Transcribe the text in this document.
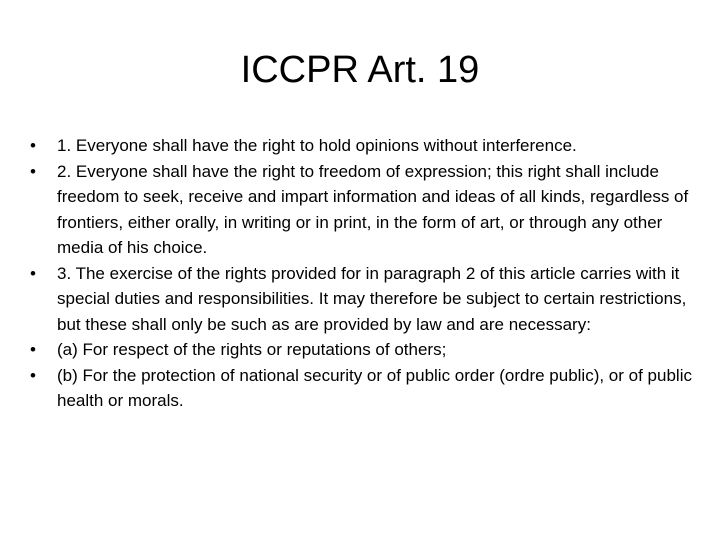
ICCPR Art. 19
•	1. Everyone shall have the right to hold opinions without interference.
•	2. Everyone shall have the right to freedom of expression; this right shall include freedom to seek, receive and impart information and ideas of all kinds, regardless of frontiers, either orally, in writing or in print, in the form of art, or through any other media of his choice.
•	3. The exercise of the rights provided for in paragraph 2 of this article carries with it special duties and responsibilities. It may therefore be subject to certain restrictions, but these shall only be such as are provided by law and are necessary:
•	(a) For respect of the rights or reputations of others;
•	(b) For the protection of national security or of public order (ordre public), or of public health or morals.
